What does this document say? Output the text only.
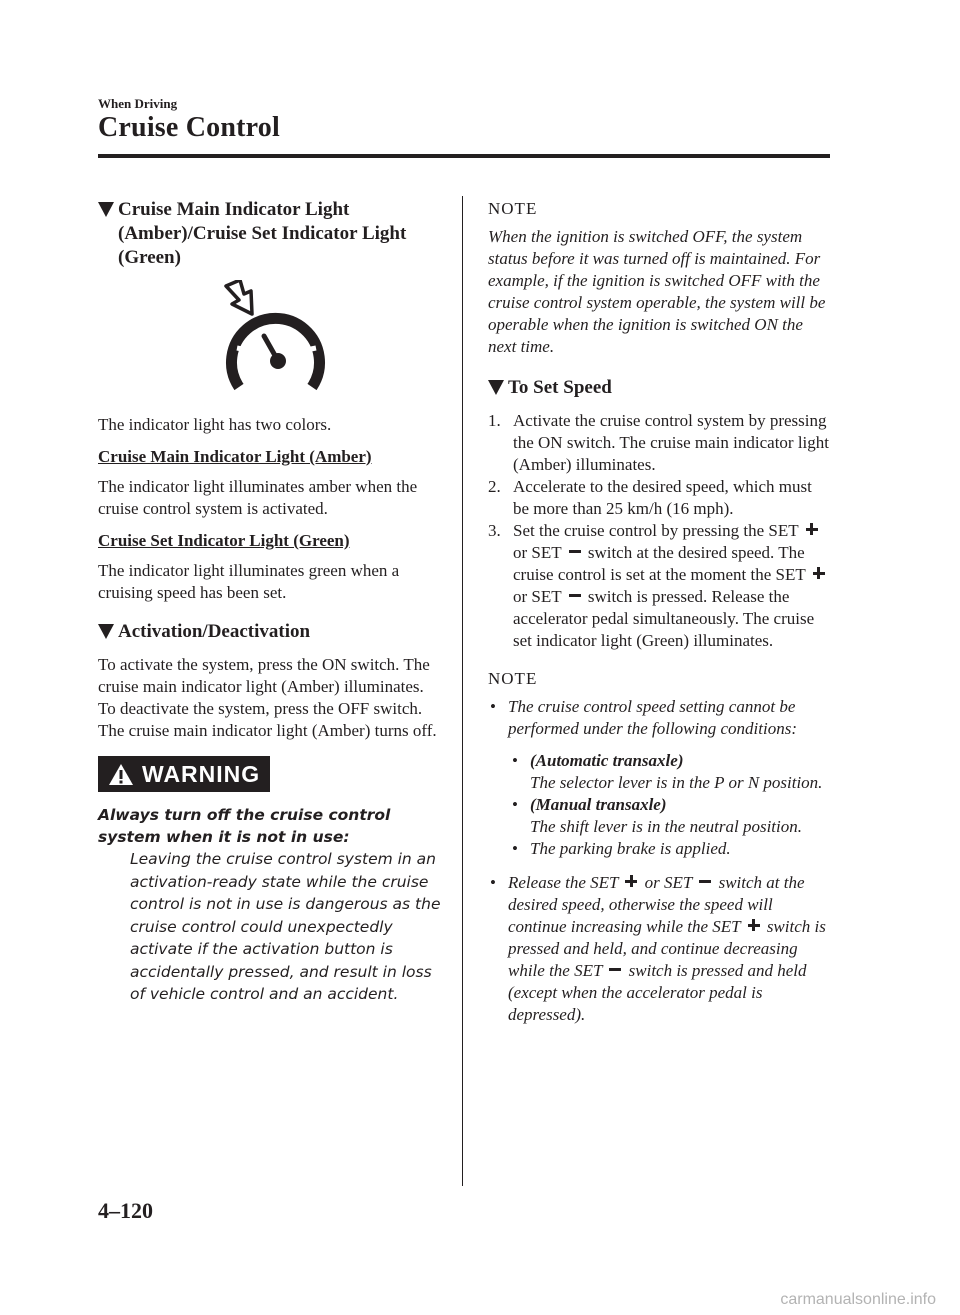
When Driving
Cruise Control
Cruise Main Indicator Light (Amber)/Cruise Set Indicator Light (Green)

The indicator light has two colors.

Cruise Main Indicator Light (Amber)

The indicator light illuminates amber when the cruise control system is activated.

Cruise Set Indicator Light (Green)

The indicator light illuminates green when a cruising speed has been set.

Activation/Deactivation
To activate the system, press the ON switch. The cruise main indicator light (Amber) illuminates.
To deactivate the system, press the OFF switch.
The cruise main indicator light (Amber) turns off.
WARNING

Always turn off the cruise control system when it is not in use:

Leaving the cruise control system in an activation-ready state while the cruise control is not in use is dangerous as the cruise control could unexpectedly activate if the activation button is accidentally pressed, and result in loss of vehicle control and an accident.

NOTE

When the ignition is switched OFF, the system status before it was turned off is maintained. For example, if the ignition is switched OFF with the cruise control system operable, the system will be operable when the ignition is switched ON the next time.

To Set Speed
1. Activate the cruise control system by pressing the ON switch. The cruise main indicator light (Amber) illuminates.
2. Accelerate to the desired speed, which must be more than 25 km/h (16 mph).
3. Set the cruise control by pressing the SET  or SET switch at the desired speed. The cruise control is set at the moment the SET  or SET switch is pressed. Release the accelerator pedal simultaneously. The cruise set indicator light (Green) illuminates.

NOTE

• The cruise control speed setting cannot be performed under the following conditions:
• (Automatic transaxle)
The selector lever is in the P or N position.
• (Manual transaxle)
The shift lever is in the neutral position.
• The parking brake is applied.
• Release the SET or SET switch at the desired speed, otherwise the speed will continue increasing while the SET switch is pressed and held, and continue decreasing while the SET switch is pressed and held (except when the accelerator pedal is depressed).
4–120
carmanualsonline.info
